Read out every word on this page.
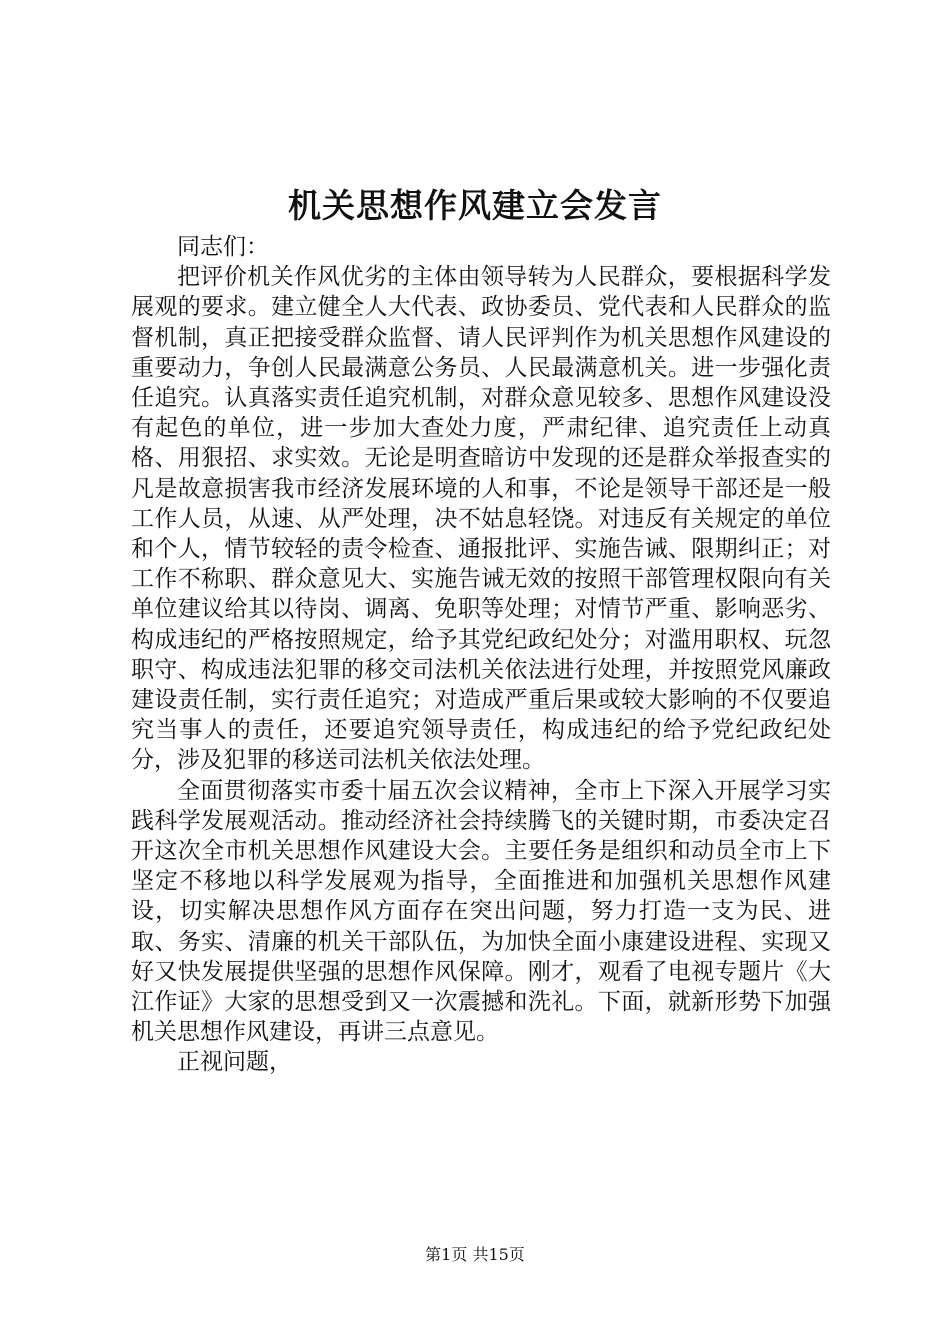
机关思想作风建立会发言

同志们：

把评价机关作风优劣的主体由领导转为人民群众，要根据科学发展观的要求。建立健全人大代表、政协委员、党代表和人民群众的监督机制，真正把接受群众监督、请人民评判作为机关思想作风建设的重要动力，争创人民最满意公务员、人民最满意机关。进一步强化责任追究。认真落实责任追究机制，对群众意见较多、思想作风建设没有起色的单位，进一步加大查处力度，严肃纪律、追究责任上动真格、用狠招、求实效。无论是明查暗访中发现的还是群众举报查实的凡是故意损害我市经济发展环境的人和事，不论是领导干部还是一般工作人员，从速、从严处理，决不姑息轻饶。对违反有关规定的单位和个人，情节较轻的责令检查、通报批评、实施告诫、限期纠正；对工作不称职、群众意见大、实施告诫无效的按照干部管理权限向有关单位建议给其以待岗、调离、免职等处理；对情节严重、影响恶劣、构成违纪的严格按照规定，给予其党纪政纪处分；对滥用职权、玩忽职守、构成违法犯罪的移交司法机关依法进行处理，并按照党风廉政建设责任制，实行责任追究；对造成严重后果或较大影响的不仅要追究当事人的责任，还要追究领导责任，构成违纪的给予党纪政纪处分，涉及犯罪的移送司法机关依法处理。

全面贯彻落实市委十届五次会议精神，全市上下深入开展学习实践科学发展观活动。推动经济社会持续腾飞的关键时期，市委决定召开这次全市机关思想作风建设大会。主要任务是组织和动员全市上下坚定不移地以科学发展观为指导，全面推进和加强机关思想作风建设，切实解决思想作风方面存在突出问题，努力打造一支为民、进取、务实、清廉的机关干部队伍，为加快全面小康建设进程、实现又好又快发展提供坚强的思想作风保障。刚才，观看了电视专题片《大江作证》大家的思想受到又一次震撼和洗礼。下面，就新形势下加强机关思想作风建设，再讲三点意见。

正视问题，

第1页 共15页
